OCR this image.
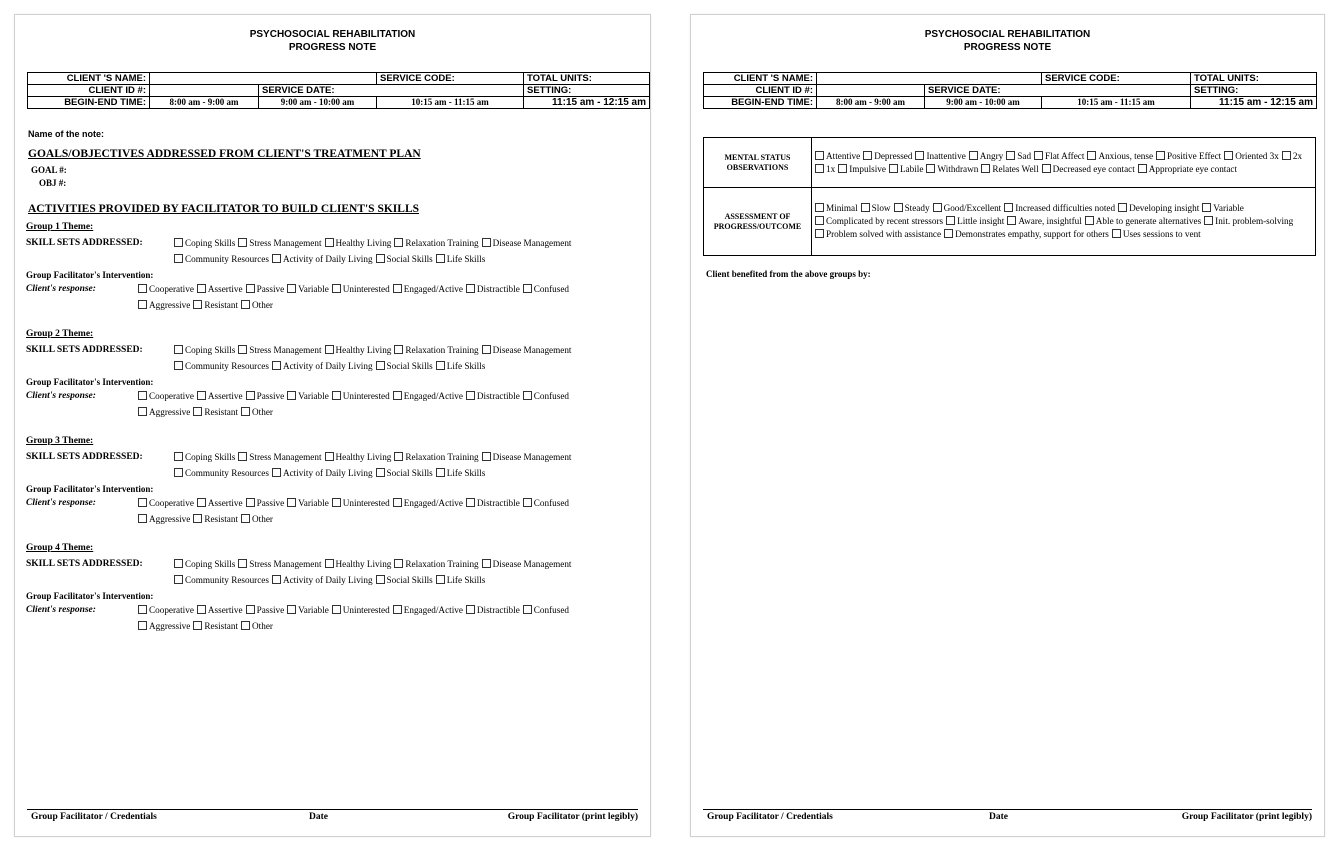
PSYCHOSOCIAL REHABILITATION
PROGRESS NOTE
CLIENT 'S NAME:			SERVICE CODE:	TOTAL UNITS:
CLIENT ID #:		SERVICE DATE:		SETTING:
BEGIN-END TIME:	8:00 am - 9:00 am	9:00 am - 10:00 am	10:15 am - 11:15 am	11:15 am - 12:15 am
Name of the note:
GOALS/OBJECTIVES ADDRESSED FROM CLIENT'S TREATMENT PLAN
GOAL #:
OBJ #:
ACTIVITIES PROVIDED BY FACILITATOR TO BUILD CLIENT'S SKILLS
Group 1 Theme:
SKILL SETS ADDRESSED:
Group Facilitator's Intervention:
Client's response:
Coping Skills Stress Management Healthy Living Relaxation Training Disease Management
Community Resources Activity of Daily Living Social Skills Life Skills
Cooperative Assertive Passive Variable Uninterested Engaged/Active Distractible Confused
Aggressive Resistant Other
Group 2 Theme:
SKILL SETS ADDRESSED:
Group Facilitator's Intervention:
Client's response:
Coping Skills Stress Management Healthy Living Relaxation Training Disease Management
Community Resources Activity of Daily Living Social Skills Life Skills
Cooperative Assertive Passive Variable Uninterested Engaged/Active Distractible Confused
Aggressive Resistant Other
Group 3 Theme:
SKILL SETS ADDRESSED:
Group Facilitator's Intervention:
Client's response:
Coping Skills Stress Management Healthy Living Relaxation Training Disease Management
Community Resources Activity of Daily Living Social Skills Life Skills
Cooperative Assertive Passive Variable Uninterested Engaged/Active Distractible Confused
Aggressive Resistant Other
Group 4 Theme:
SKILL SETS ADDRESSED:
Group Facilitator's Intervention:
Client's response:
Coping Skills Stress Management Healthy Living Relaxation Training Disease Management
Community Resources Activity of Daily Living Social Skills Life Skills
Cooperative Assertive Passive Variable Uninterested Engaged/Active Distractible Confused
Aggressive Resistant Other
Group Facilitator / Credentials	Date	Group Facilitator (print legibly)
PSYCHOSOCIAL REHABILITATION
PROGRESS NOTE
CLIENT 'S NAME:			SERVICE CODE:	TOTAL UNITS:
CLIENT ID #:		SERVICE DATE:		SETTING:
BEGIN-END TIME:	8:00 am - 9:00 am	9:00 am - 10:00 am	10:15 am - 11:15 am	11:15 am - 12:15 am
MENTAL STATUS OBSERVATIONS	Attentive Depressed Inattentive Angry Sad Flat Affect Anxious, tense Positive Effect Oriented 3x 2x1x Impulsive Labile Withdrawn Relates Well Decreased eye contact Appropriate eye contact
ASSESSMENT OF PROGRESS/OUTCOME	Minimal Slow Steady Good/Excellent Increased difficulties noted Developing insight VariableComplicated by recent stressors Little insight Aware, insightful Able to generate alternatives Init. problem-solvingProblem solved with assistance Demonstrates empathy, support for others Uses sessions to vent
Client benefited from the above groups by:
Group Facilitator / Credentials	Date	Group Facilitator (print legibly)
